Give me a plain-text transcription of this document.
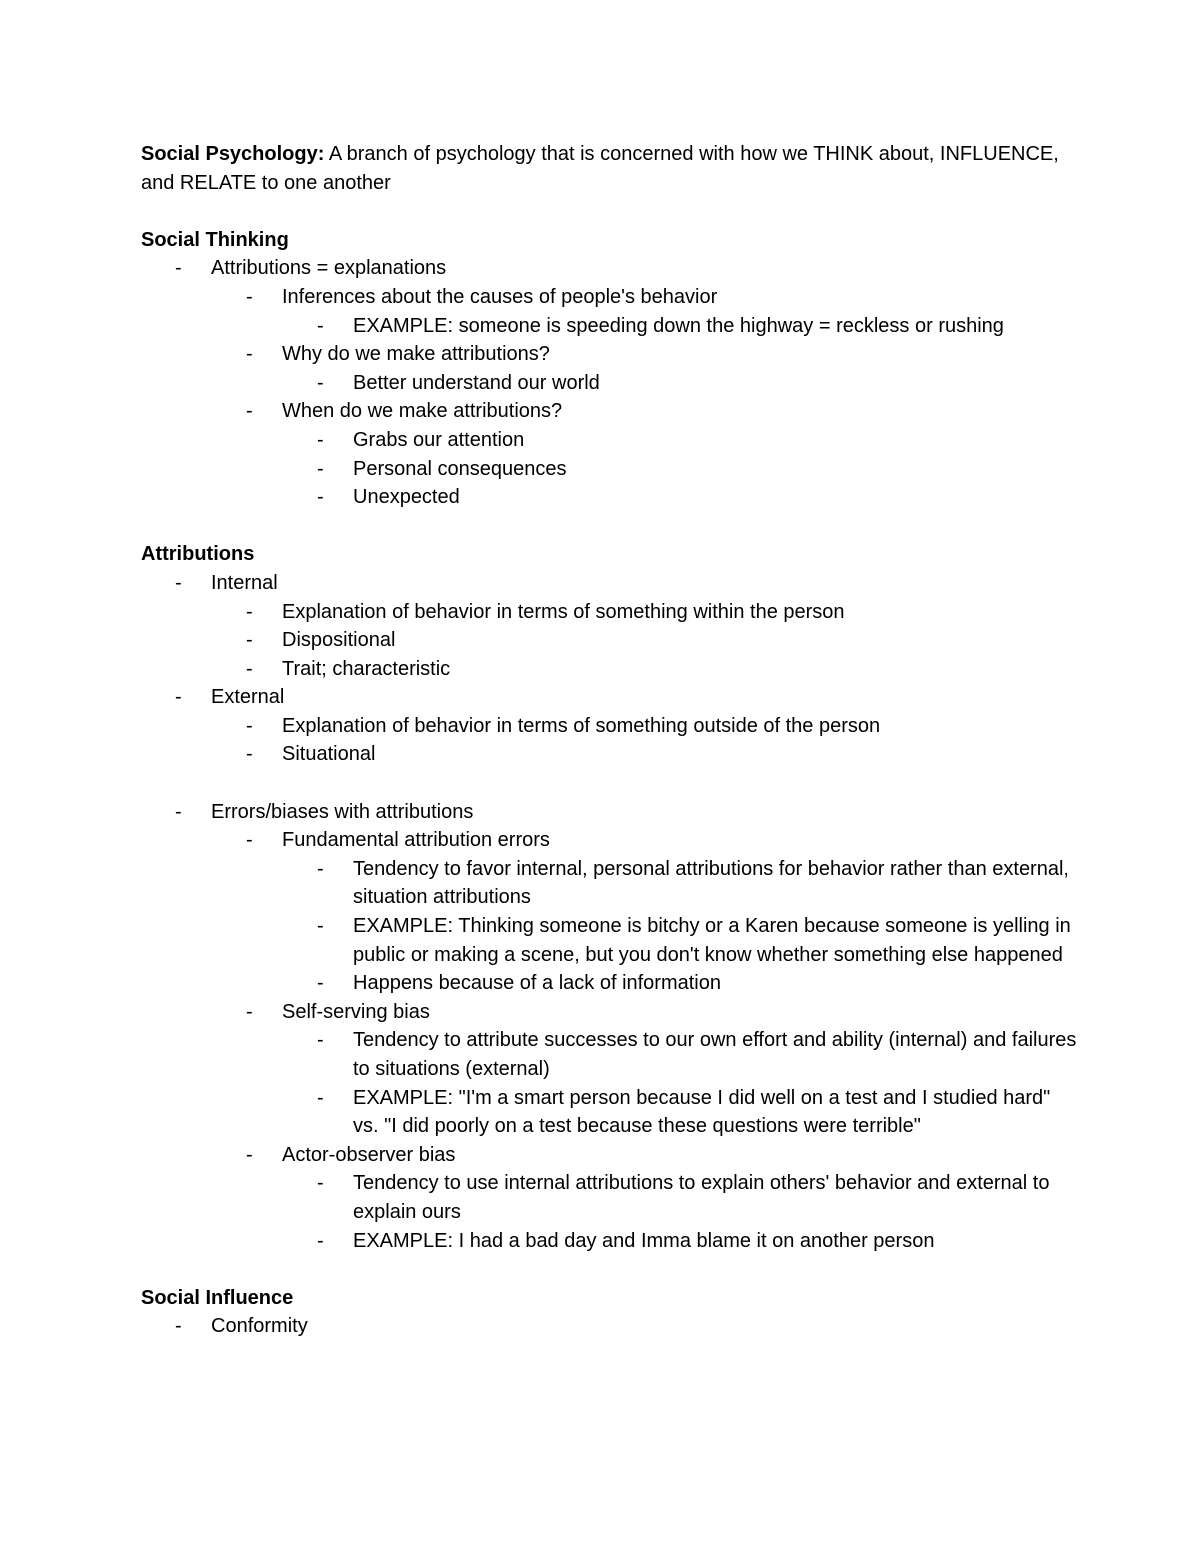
Social Psychology: A branch of psychology that is concerned with how we THINK about, INFLUENCE, and RELATE to one another

Social Thinking
- Attributions = explanations
- Inferences about the causes of people's behavior
- EXAMPLE: someone is speeding down the highway = reckless or rushing
- Why do we make attributions?
- Better understand our world
- When do we make attributions?
- Grabs our attention
- Personal consequences
- Unexpected
Attributions
- Internal
- Explanation of behavior in terms of something within the person
- Dispositional
- Trait; characteristic
- External
- Explanation of behavior in terms of something outside of the person
- Situational
- Errors/biases with attributions
- Fundamental attribution errors
- Tendency to favor internal, personal attributions for behavior rather than external, situation attributions
- EXAMPLE: Thinking someone is bitchy or a Karen because someone is yelling in public or making a scene, but you don't know whether something else happened
- Happens because of a lack of information
- Self-serving bias
- Tendency to attribute successes to our own effort and ability (internal) and failures to situations (external)
- EXAMPLE: "I'm a smart person because I did well on a test and I studied hard" vs. "I did poorly on a test because these questions were terrible"
- Actor-observer bias
- Tendency to use internal attributions to explain others' behavior and external to explain ours
- EXAMPLE: I had a bad day and Imma blame it on another person
Social Influence
- Conformity
